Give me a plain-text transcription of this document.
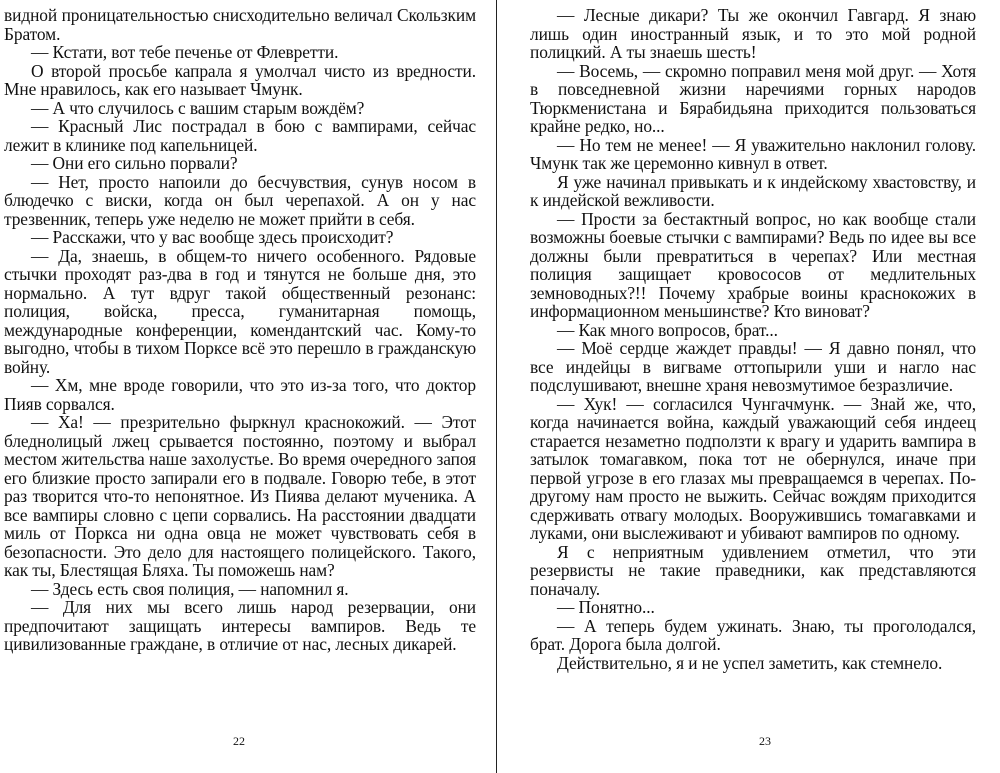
видной проницательностью снисходительно величал Скользким Братом.

— Кстати, вот тебе печенье от Флевретти.

О второй просьбе капрала я умолчал чисто из вредности. Мне нравилось, как его называет Чмунк.

— А что случилось с вашим старым вождём?

— Красный Лис пострадал в бою с вампирами, сейчас лежит в клинике под капельницей.

— Они его сильно порвали?

— Нет, просто напоили до бесчувствия, сунув носом в блюдечко с виски, когда он был черепахой. А он у нас трезвенник, теперь уже неделю не может прийти в себя.

— Расскажи, что у вас вообще здесь происходит?

— Да, знаешь, в общем-то ничего особенного. Рядовые стычки проходят раз-два в год и тянутся не больше дня, это нормально. А тут вдруг такой общественный резонанс: полиция, войска, пресса, гуманитарная помощь, международные конференции, комендантский час. Кому-то выгодно, чтобы в тихом Порксе всё это перешло в гражданскую войну.

— Хм, мне вроде говорили, что это из-за того, что доктор Пияв сорвался.

— Ха! — презрительно фыркнул краснокожий. — Этот бледнолицый лжец срывается постоянно, поэтому и выбрал местом жительства наше захолустье. Во время очередного запоя его близкие просто запирали его в подвале. Говорю тебе, в этот раз творится что-то непонятное. Из Пиява делают мученика. А все вампиры словно с цепи сорвались. На расстоянии двадцати миль от Поркса ни одна овца не может чувствовать себя в безопасности. Это дело для настоящего полицейского. Такого, как ты, Блестящая Бляха. Ты поможешь нам?

— Здесь есть своя полиция, — напомнил я.

— Для них мы всего лишь народ резервации, они предпочитают защищать интересы вампиров. Ведь те цивилизованные граждане, в отличие от нас, лесных дикарей.

— Лесные дикари? Ты же окончил Гавгард. Я знаю лишь один иностранный язык, и то это мой родной полицкий. А ты знаешь шесть!

— Восемь, — скромно поправил меня мой друг. — Хотя в повседневной жизни наречиями горных народов Тюркменистана и Бярабидьяна приходится пользоваться крайне редко, но...

— Но тем не менее! — Я уважительно наклонил голову. Чмунк так же церемонно кивнул в ответ.

Я уже начинал привыкать и к индейскому хвастовству, и к индейской вежливости.

— Прости за бестактный вопрос, но как вообще стали возможны боевые стычки с вампирами? Ведь по идее вы все должны были превратиться в черепах? Или местная полиция защищает кровососов от медлительных земноводных?!! Почему храбрые воины краснокожих в информационном меньшинстве? Кто виноват?

— Как много вопросов, брат...

— Моё сердце жаждет правды! — Я давно понял, что все индейцы в вигваме оттопырили уши и нагло нас подслушивают, внешне храня невозмутимое безразличие.

— Хук! — согласился Чунгачмунк. — Знай же, что, когда начинается война, каждый уважающий себя индеец старается незаметно подползти к врагу и ударить вампира в затылок томагавком, пока тот не обернулся, иначе при первой угрозе в его глазах мы превращаемся в черепах. По-другому нам просто не выжить. Сейчас вождям приходится сдерживать отвагу молодых. Вооружившись томагавками и луками, они выслеживают и убивают вампиров по одному.

Я с неприятным удивлением отметил, что эти резервисты не такие праведники, как представляются поначалу.

— Понятно...

— А теперь будем ужинать. Знаю, ты проголодался, брат. Дорога была долгой.

Действительно, я и не успел заметить, как стемнело.

22	23
